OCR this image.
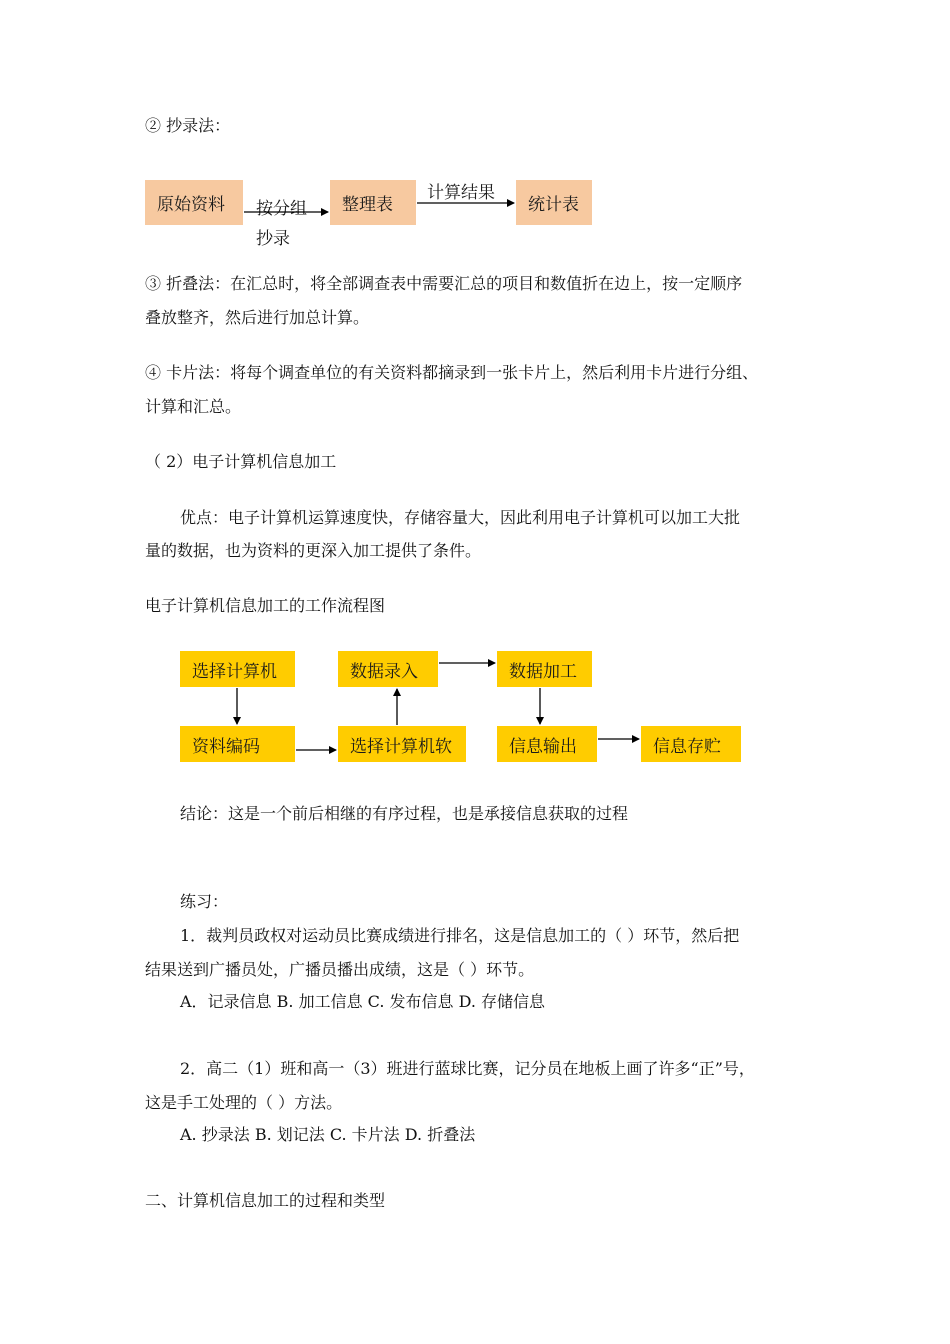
② 抄录法：
原始资料	按分组
抄录
整理表
计算结果
统计表
③ 折叠法：在汇总时，将全部调查表中需要汇总的项目和数值折在边上，按一定顺序
叠放整齐，然后进行加总计算。
④ 卡片法：将每个调查单位的有关资料都摘录到一张卡片上，然后利用卡片进行分组、
计算和汇总。
（ 2）电子计算机信息加工
优点：电子计算机运算速度快，存储容量大，因此利用电子计算机可以加工大批
量的数据，也为资料的更深入加工提供了条件。
电子计算机信息加工的工作流程图
选择计算机	数据录入	数据加工
资料编码	选择计算机软	信息输出	信息存贮
结论：这是一个前后相继的有序过程，也是承接信息获取的过程
练习：
1．裁判员政权对运动员比赛成绩进行排名，这是信息加工的（ ）环节，然后把
结果送到广播员处，广播员播出成绩，这是（ ）环节。
A．记录信息 B. 加工信息 C. 发布信息 D. 存储信息
2．高二（1）班和高一（3）班进行蓝球比赛，记分员在地板上画了许多“正”号，
这是手工处理的（ ）方法。
A. 抄录法 B. 划记法 C. 卡片法 D. 折叠法
二、计算机信息加工的过程和类型
